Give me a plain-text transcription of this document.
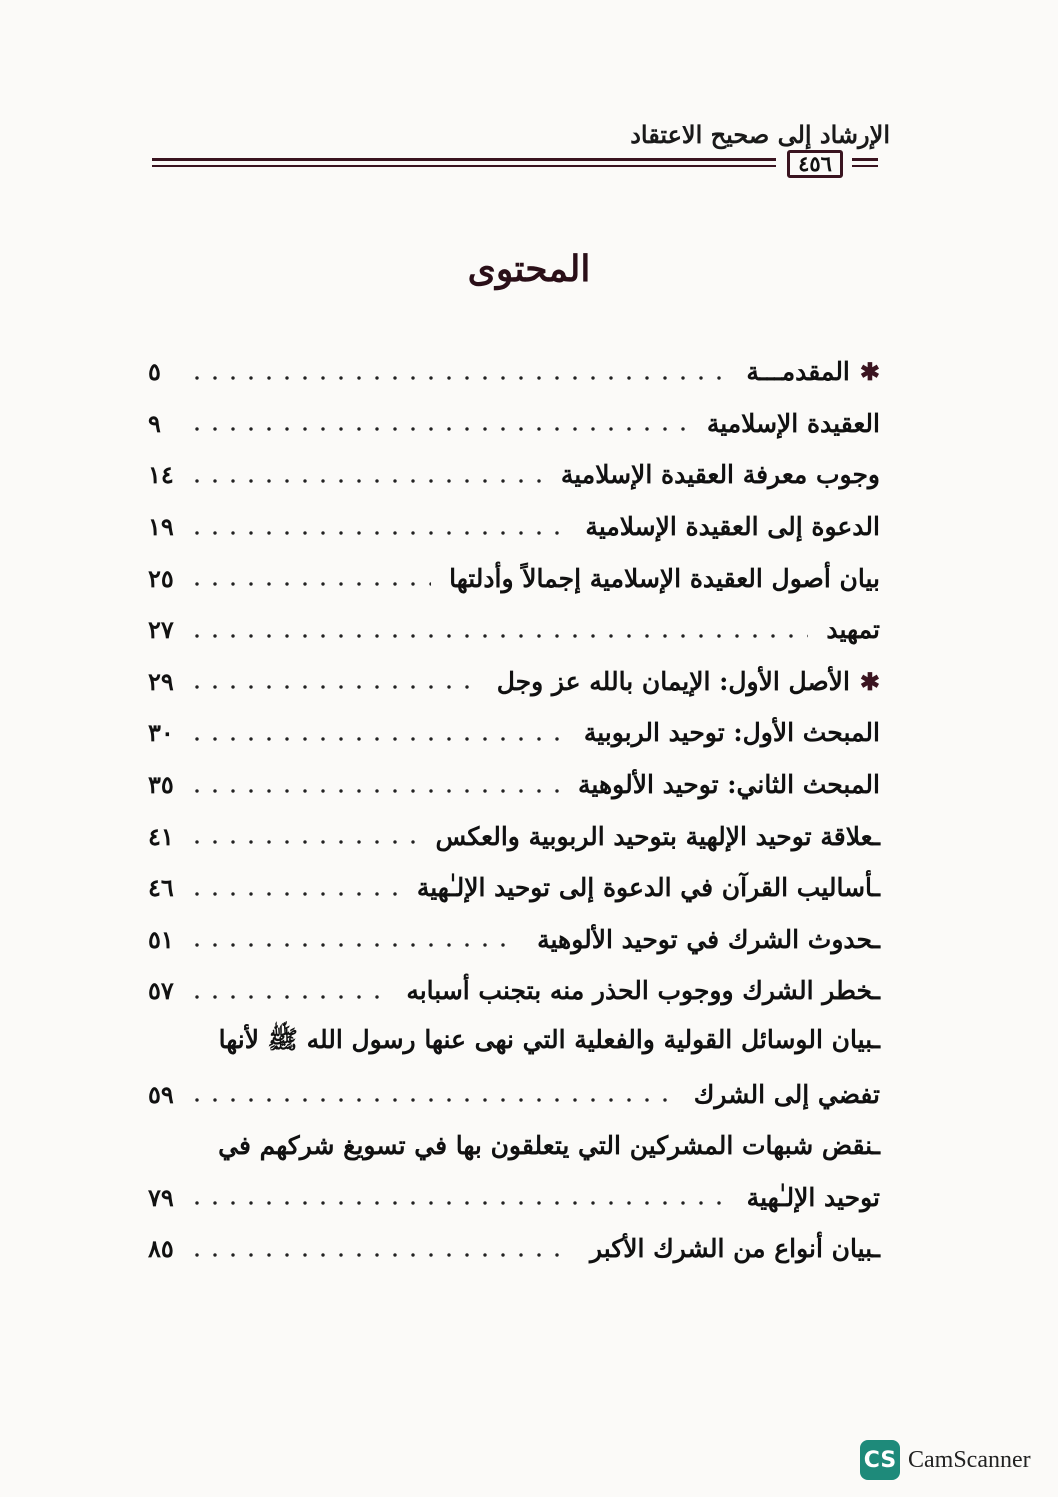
الإرشاد إلى صحيح الاعتقاد
٤٥٦
المحتوى
✱المقدمـــة
٥
العقيدة الإسلامية
٩
وجوب معرفة العقيدة الإسلامية
١٤
الدعوة إلى العقيدة الإسلامية
١٩
بيان أصول العقيدة الإسلامية إجمالاً وأدلتها
٢٥
تمهيد
٢٧
✱الأصل الأول: الإيمان بالله عز وجل
٢٩
المبحث الأول: توحيد الربوبية
٣٠
المبحث الثاني: توحيد الألوهية
٣٥
ـعلاقة توحيد الإلهية بتوحيد الربوبية والعكس
٤١
ـأساليب القرآن في الدعوة إلى توحيد الإلـٰهية
٤٦
ـحدوث الشرك في توحيد الألوهية
٥١
ـخطر الشرك ووجوب الحذر منه بتجنب أسبابه
٥٧
ـبيان الوسائل القولية والفعلية التي نهى عنها رسول الله ﷺ لأنها
تفضي إلى الشرك
٥٩
ـنقض شبهات المشركين التي يتعلقون بها في تسويغ شركهم في
توحيد الإلـٰهية
٧٩
ـبيان أنواع من الشرك الأكبر
٨٥
CS CamScanner
